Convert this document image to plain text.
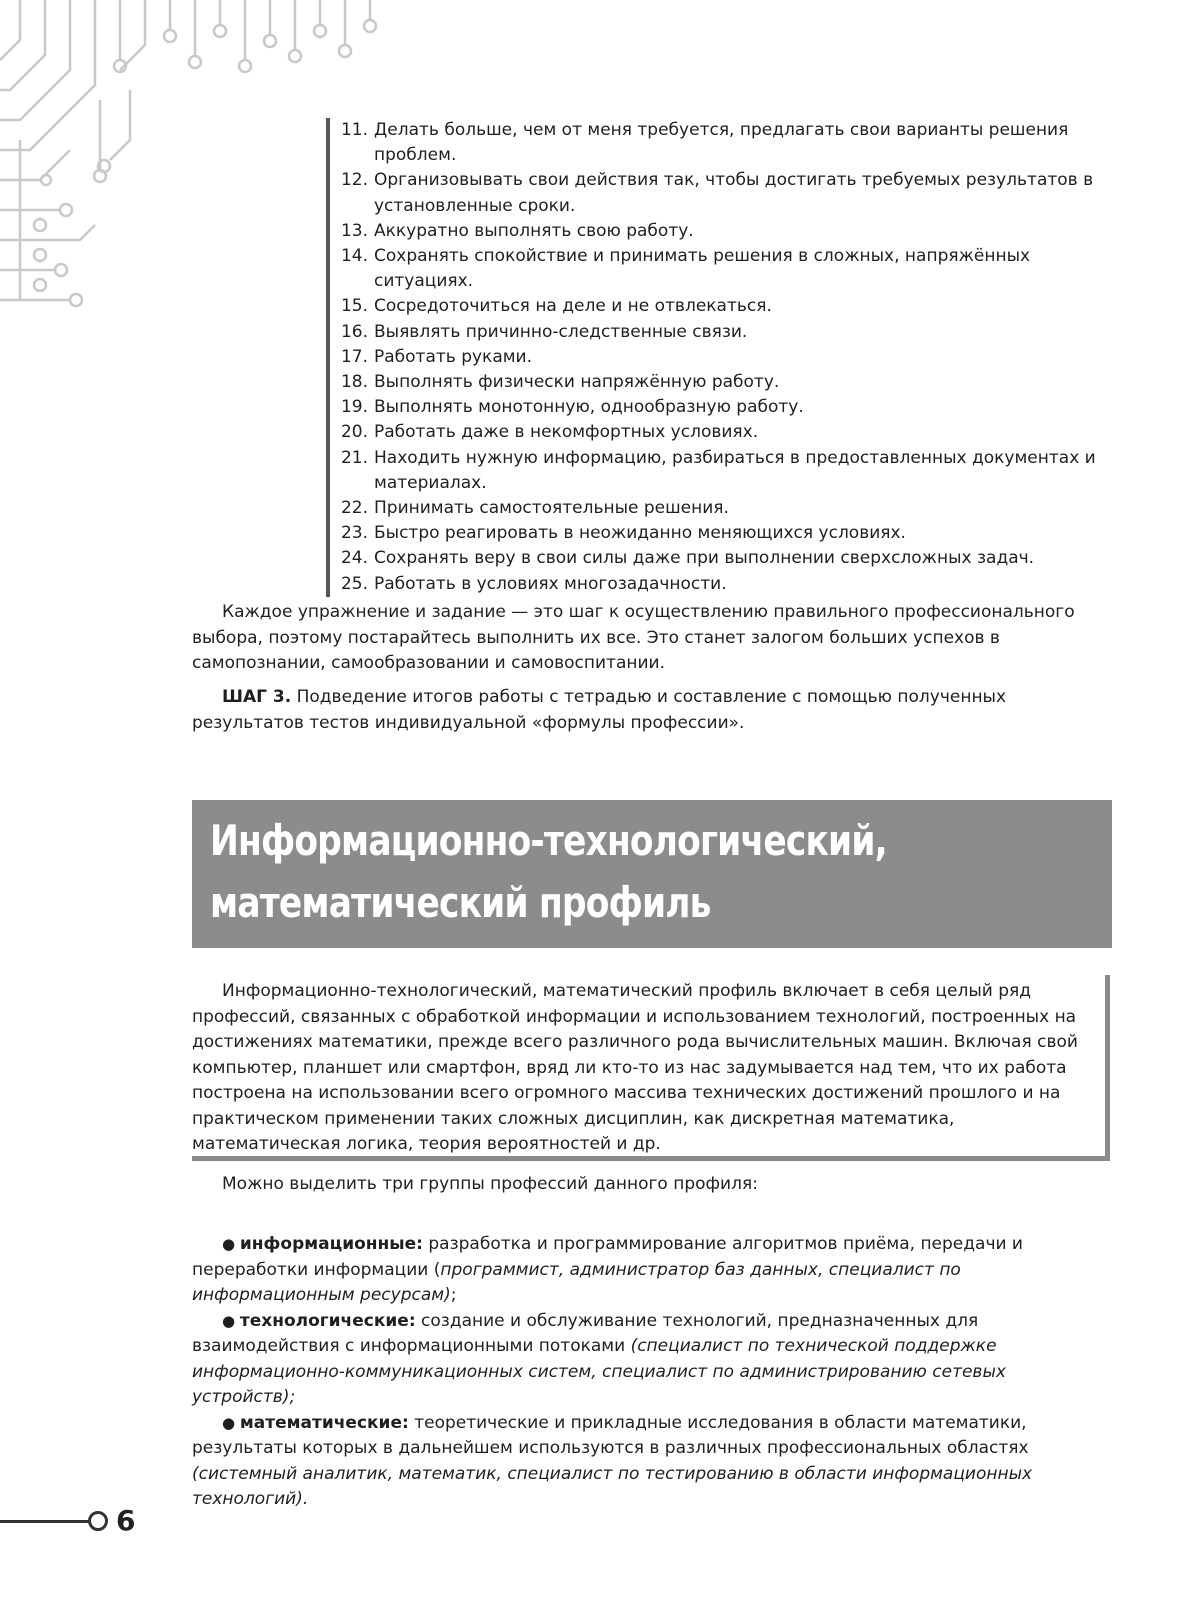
11. Делать больше, чем от меня требуется, предлагать свои варианты решения проблем.
12. Организовывать свои действия так, чтобы достигать требуемых результатов в установленные сроки.
13. Аккуратно выполнять свою работу.
14. Сохранять спокойствие и принимать решения в сложных, напряжённых ситуациях.
15. Сосредоточиться на деле и не отвлекаться.
16. Выявлять причинно-следственные связи.
17. Работать руками.
18. Выполнять физически напряжённую работу.
19. Выполнять монотонную, однообразную работу.
20. Работать даже в некомфортных условиях.
21. Находить нужную информацию, разбираться в предоставленных документах и материалах.
22. Принимать самостоятельные решения.
23. Быстро реагировать в неожиданно меняющихся условиях.
24. Сохранять веру в свои силы даже при выполнении сверхсложных задач.
25. Работать в условиях многозадачности.

Каждое упражнение и задание — это шаг к осуществлению правильного профессионального выбора, поэтому постарайтесь выполнить их все. Это станет залогом больших успехов в самопознании, самообразовании и самовоспитании.

ШАГ 3. Подведение итогов работы с тетрадью и составление с помощью полученных результатов тестов индивидуальной «формулы профессии».

Информационно-технологический, математический профиль

Информационно-технологический, математический профиль включает в себя целый ряд профессий, связанных с обработкой информации и использованием технологий, построенных на достижениях математики, прежде всего различного рода вычислительных машин. Включая свой компьютер, планшет или смартфон, вряд ли кто-то из нас задумывается над тем, что их работа построена на использовании всего огромного массива технических достижений прошлого и на практическом применении таких сложных дисциплин, как дискретная математика, математическая логика, теория вероятностей и др.

Можно выделить три группы профессий данного профиля:

● информационные: разработка и программирование алгоритмов приёма, передачи и переработки информации (программист, администратор баз данных, специалист по информационным ресурсам);

● технологические: создание и обслуживание технологий, предназначенных для взаимодействия с информационными потоками (специалист по технической поддержке информационно-коммуникационных систем, специалист по администрированию сетевых устройств);

● математические: теоретические и прикладные исследования в области математики, результаты которых в дальнейшем используются в различных профессиональных областях (системный аналитик, математик, специалист по тестированию в области информационных технологий).

6
